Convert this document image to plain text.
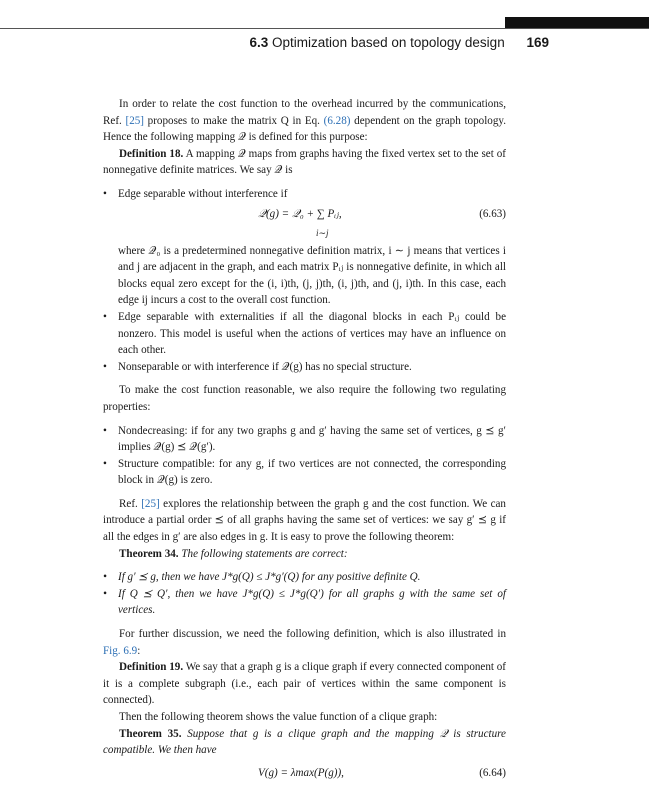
6.3 Optimization based on topology design 169

In order to relate the cost function to the overhead incurred by the communications, Ref. [25] proposes to make the matrix Q in Eq. (6.28) dependent on the graph topology. Hence the following mapping 𝒬 is defined for this purpose:

Definition 18. A mapping 𝒬 maps from graphs having the fixed vertex set to the set of nonnegative definite matrices. We say 𝒬 is

• Edge separable without interference if
𝒬(g) = 𝒬₀ + ∑ Pᵢⱼ,
i∼j
(6.63)
where 𝒬₀ is a predetermined nonnegative definition matrix, i ∼ j means that vertices i and j are adjacent in the graph, and each matrix Pᵢⱼ is nonnegative definite, in which all blocks equal zero except for the (i, i)th, (j, j)th, (i, j)th, and (j, i)th. In this case, each edge ij incurs a cost to the overall cost function.
• Edge separable with externalities if all the diagonal blocks in each Pᵢⱼ could be nonzero. This model is useful when the actions of vertices may have an influence on each other.
• Nonseparable or with interference if 𝒬(g) has no special structure.

To make the cost function reasonable, we also require the following two regulating properties:

• Nondecreasing: if for any two graphs g and g′ having the same set of vertices, g ⪯ g′ implies 𝒬(g) ⪯ 𝒬(g′).
• Structure compatible: for any g, if two vertices are not connected, the corresponding block in 𝒬(g) is zero.

Ref. [25] explores the relationship between the graph g and the cost function. We can introduce a partial order ⪯ of all graphs having the same set of vertices: we say g′ ⪯ g if all the edges in g′ are also edges in g. It is easy to prove the following theorem:

Theorem 34. The following statements are correct:

• If g′ ⪯ g, then we have J*g(Q) ≤ J*g′(Q) for any positive definite Q.
• If Q ⪯ Q′, then we have J*g(Q) ≤ J*g(Q′) for all graphs g with the same set of vertices.

For further discussion, we need the following definition, which is also illustrated in Fig. 6.9:

Definition 19. We say that a graph g is a clique graph if every connected component of it is a complete subgraph (i.e., each pair of vertices within the same component is connected).

Then the following theorem shows the value function of a clique graph:

Theorem 35. Suppose that g is a clique graph and the mapping 𝒬 is structure compatible. We then have

V(g) = λmax(P(g)),	(6.64)
